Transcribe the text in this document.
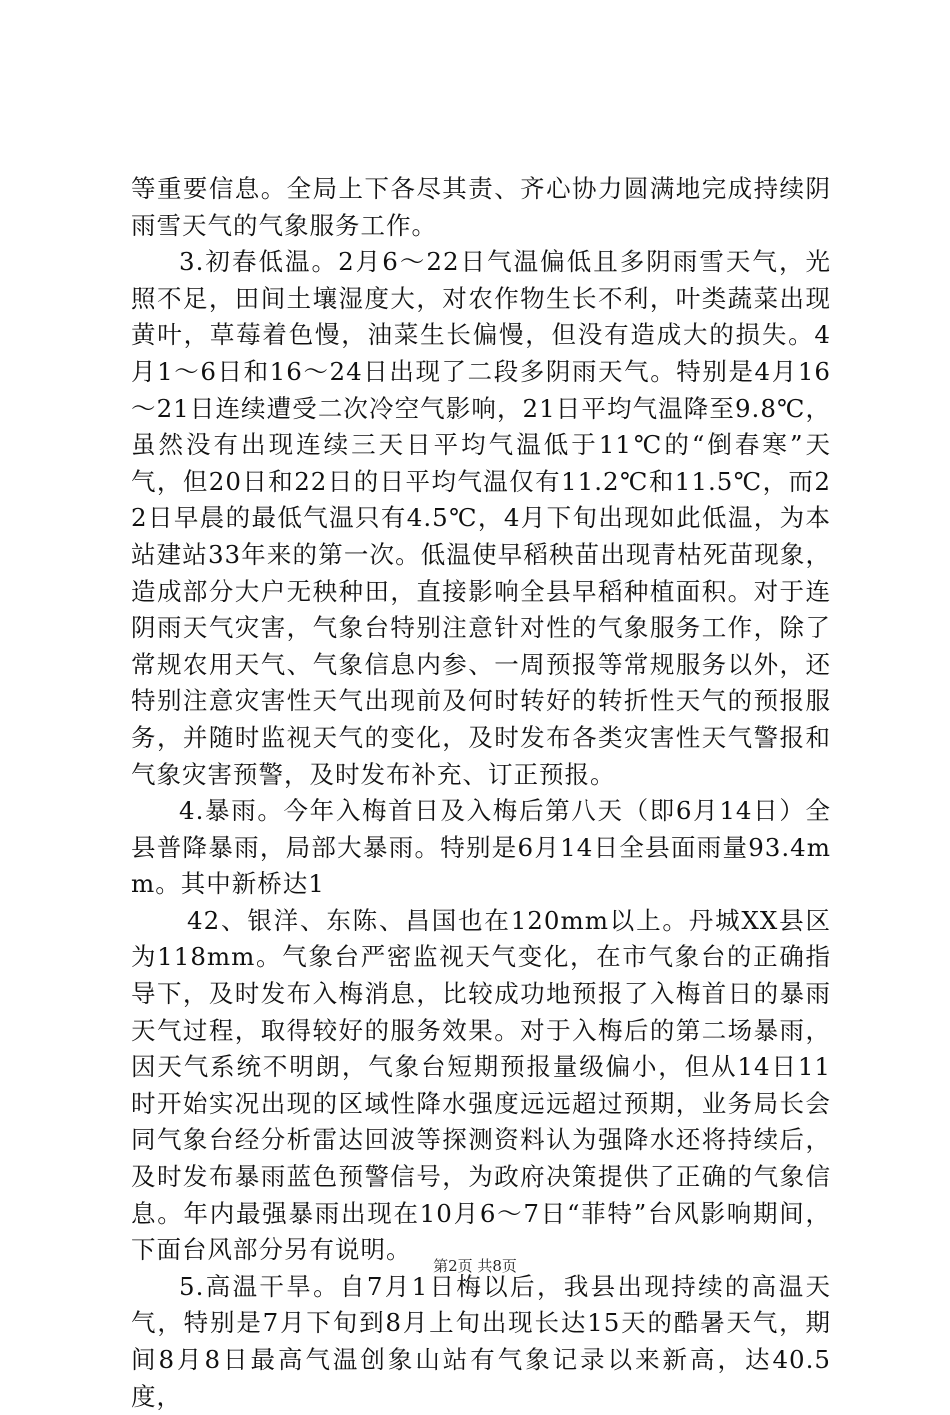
等重要信息。全局上下各尽其责、齐心协力圆满地完成持续阴雨雪天气的气象服务工作。

3.初春低温。2月6～22日气温偏低且多阴雨雪天气，光照不足，田间土壤湿度大，对农作物生长不利，叶类蔬菜出现黄叶，草莓着色慢，油菜生长偏慢，但没有造成大的损失。4月1～6日和16～24日出现了二段多阴雨天气。特别是4月16～21日连续遭受二次冷空气影响，21日平均气温降至9.8℃，虽然没有出现连续三天日平均气温低于11℃的“倒春寒”天气，但20日和22日的日平均气温仅有11.2℃和11.5℃，而22日早晨的最低气温只有4.5℃，4月下旬出现如此低温，为本站建站33年来的第一次。低温使早稻秧苗出现青枯死苗现象，造成部分大户无秧种田，直接影响全县早稻种植面积。对于连阴雨天气灾害，气象台特别注意针对性的气象服务工作，除了常规农用天气、气象信息内参、一周预报等常规服务以外，还特别注意灾害性天气出现前及何时转好的转折性天气的预报服务，并随时监视天气的变化，及时发布各类灾害性天气警报和气象灾害预警，及时发布补充、订正预报。

4.暴雨。今年入梅首日及入梅后第八天（即6月14日）全县普降暴雨，局部大暴雨。特别是6月14日全县面雨量93.4mm。其中新桥达1

42、银洋、东陈、昌国也在120mm以上。丹城XX县区为118mm。气象台严密监视天气变化，在市气象台的正确指导下，及时发布入梅消息，比较成功地预报了入梅首日的暴雨天气过程，取得较好的服务效果。对于入梅后的第二场暴雨，因天气系统不明朗，气象台短期预报量级偏小，但从14日11时开始实况出现的区域性降水强度远远超过预期，业务局长会同气象台经分析雷达回波等探测资料认为强降水还将持续后，及时发布暴雨蓝色预警信号，为政府决策提供了正确的气象信息。年内最强暴雨出现在10月6～7日“菲特”台风影响期间，下面台风部分另有说明。

5.高温干旱。自7月1日梅以后，我县出现持续的高温天气，特别是7月下旬到8月上旬出现长达15天的酷暑天气，期间8月8日最高气温创象山站有气象记录以来新高，达40.5度，

第2页 共8页
